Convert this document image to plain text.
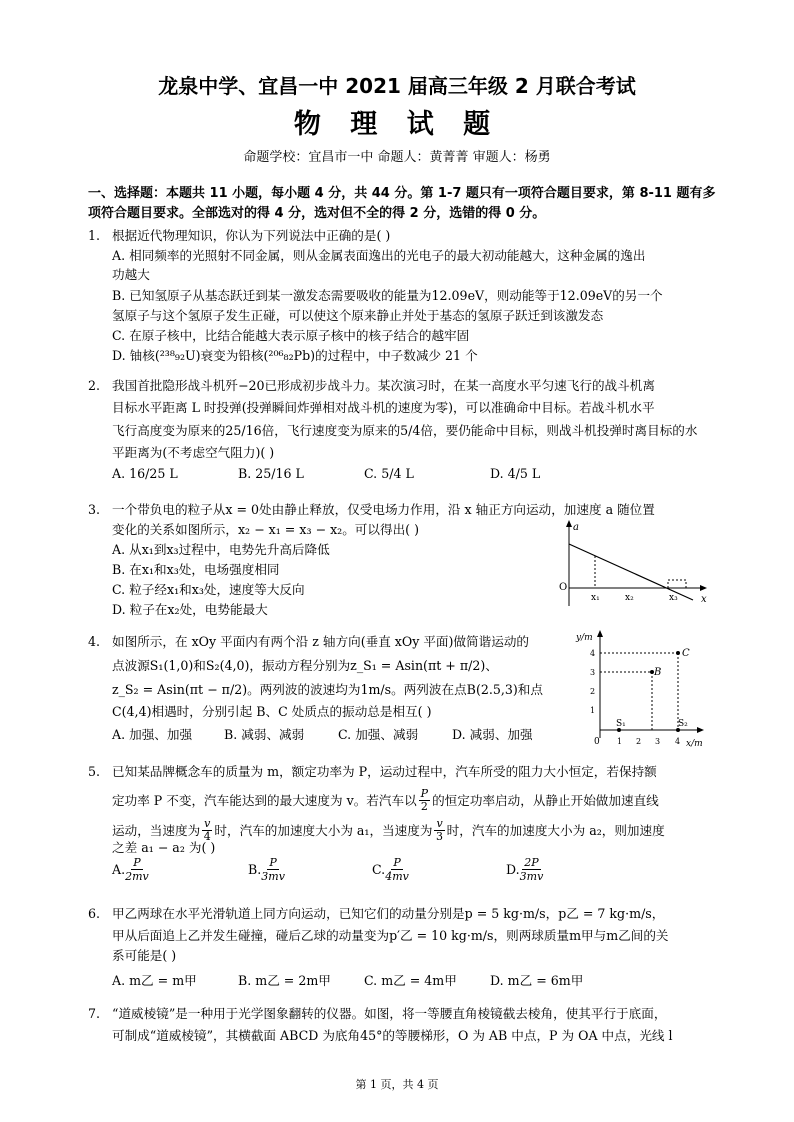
龙泉中学、宜昌一中 2021 届高三年级 2 月联合考试
物 理 试 题
命题学校：宜昌市一中 命题人：黄菁菁 审题人：杨勇
一、选择题：本题共 11 小题，每小题 4 分，共 44 分。第 1-7 题只有一项符合题目要求，第 8-11 题有多项符合题目要求。全部选对的得 4 分，选对但不全的得 2 分，选错的得 0 分。
1. 根据近代物理知识，你认为下列说法中正确的是( )
A. 相同频率的光照射不同金属，则从金属表面逸出的光电子的最大初动能越大，这种金属的逸出
功越大
B. 已知氢原子从基态跃迁到某一激发态需要吸收的能量为12.09eV，则动能等于12.09eV的另一个
氢原子与这个氢原子发生正碰，可以使这个原来静止并处于基态的氢原子跃迁到该激发态
C. 在原子核中，比结合能越大表示原子核中的核子结合的越牢固
D. 铀核(²³⁸₉₂U)衰变为铅核(²⁰⁶₈₂Pb)的过程中，中子数减少 21 个
2. 我国首批隐形战斗机歼−20已形成初步战斗力。某次演习时，在某一高度水平匀速飞行的战斗机离
目标水平距离 L 时投弹(投弹瞬间炸弹相对战斗机的速度为零)，可以准确命中目标。若战斗机水平
飞行高度变为原来的25/16倍，飞行速度变为原来的5/4倍，要仍能命中目标，则战斗机投弹时离目标的水
平距离为(不考虑空气阻力)( )
A. 16/25 L	B. 25/16 L	C. 5/4 L	D. 4/5 L
3. 一个带负电的粒子从x = 0处由静止释放，仅受电场力作用，沿 x 轴正方向运动，加速度 a 随位置
变化的关系如图所示，x₂ − x₁ = x₃ − x₂。可以得出( )
A. 从x₁到x₃过程中，电势先升高后降低
B. 在x₁和x₃处，电场强度相同
C. 粒子经x₁和x₃处，速度等大反向
D. 粒子在x₂处，电势能最大
a
O
x₁	x₂	x₃ x
4. 如图所示，在 xOy 平面内有两个沿 z 轴方向(垂直 xOy 平面)做简谐运动的
点波源S₁(1,0)和S₂(4,0)，振动方程分别为z_S₁ = Asin(πt + π/2)、
z_S₂ = Asin(πt − π/2)。两列波的波速均为1m/s。两列波在点B(2.5,3)和点
C(4,4)相遇时，分别引起 B、C 处质点的振动总是相互( )
A. 加强、加强	B. 减弱、减弱	C. 加强、减弱	D. 减弱、加强
y/m
4
3
2
1
0 1 2 3 4 x/m
C
B
S₁	S₂
5. 已知某品牌概念车的质量为 m，额定功率为 P，运动过程中，汽车所受的阻力大小恒定，若保持额
定功率 P 不变，汽车能达到的最大速度为 v。若汽车以 $\frac{P}{2}$ 的恒定功率启动，从静止开始做加速直线
运动，当速度为 $\frac{v}{4}$ 时，汽车的加速度大小为 a₁，当速度为 $\frac{v}{3}$ 时，汽车的加速度大小为 a₂，则加速度
之差 a₁ − a₂ 为( )
A. $\frac{P}{2mv}$	B. $\frac{P}{3mv}$	C. $\frac{P}{4mv}$	D. $\frac{2P}{3mv}$
6. 甲乙两球在水平光滑轨道上同方向运动，已知它们的动量分别是p = 5 kg·m/s，p乙 = 7 kg·m/s，
甲从后面追上乙并发生碰撞，碰后乙球的动量变为p′乙 = 10 kg·m/s，则两球质量m甲与m乙间的关
系可能是( )
A. m乙 = m甲	B. m乙 = 2m甲	C. m乙 = 4m甲	D. m乙 = 6m甲
7. “道威棱镜”是一种用于光学图象翻转的仪器。如图，将一等腰直角棱镜截去棱角，使其平行于底面，
可制成“道威棱镜”，其横截面 ABCD 为底角45°的等腰梯形，O 为 AB 中点，P 为 OA 中点，光线 l
第 1 页，共 4 页
